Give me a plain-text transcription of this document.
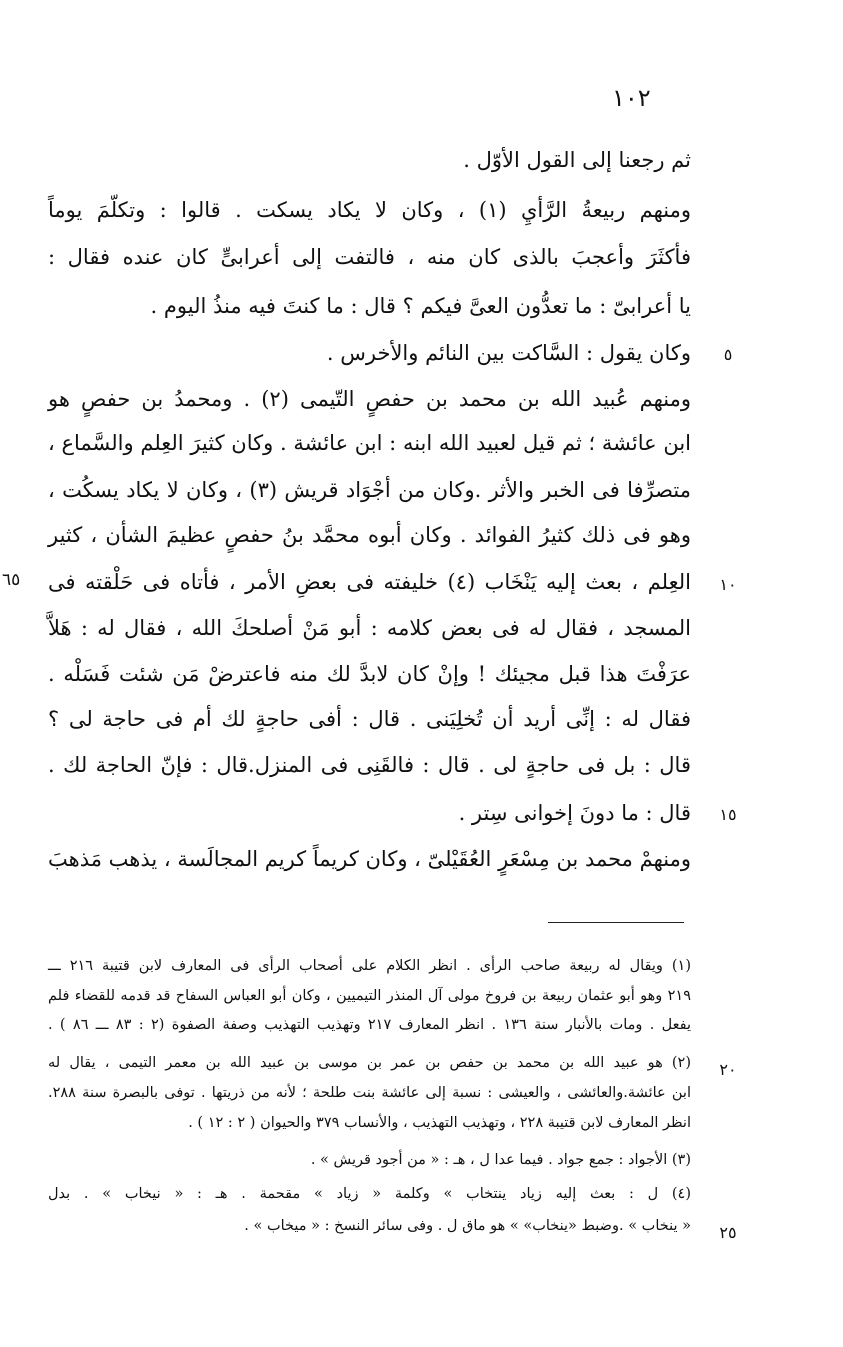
١٠٢
ثم رجعنا إلى القول الأوّل .
ومنهم ربيعةُ الرَّأيِ (١) ، وكان لا يكاد يسكت . قالوا : وتكلّمَ يوماً
فأكثَرَ وأعجبَ بالذى كان منه ، فالتفت إلى أعرابىٍّ كان عنده فقال :
يا أعرابىّ : ما تعدُّون العىَّ فيكم ؟ قال : ما كنتَ فيه منذُ اليوم .
وكان يقول : السَّاكت بين النائم والأخرس .
ومنهم عُبيد الله بن محمد بن حفصٍ التّيمى (٢) . ومحمدُ بن حفصٍ هو
ابن عائشة ؛ ثم قيل لعبيد الله ابنه : ابن عائشة . وكان كثيرَ العِلم والسَّماع ،
متصرِّفا فى الخبر والأثر .وكان من أجْوَاد قريش (٣) ، وكان لا يكاد يسكُت ،
وهو فى ذلك كثيرُ الفوائد . وكان أبوه محمَّد بنُ حفصٍ عظيمَ الشأن ، كثير
العِلم ، بعث إليه يَنْخَاب (٤) خليفته فى بعضِ الأمر ، فأتاه فى حَلْقته فى
المسجد ، فقال له فى بعض كلامه : أبو مَنْ أصلحكَ الله ، فقال له : هَلاَّ
عرَفْتَ هذا قبل مجيئك ! وإنْ كان لابدَّ لك منه فاعترضْ مَن شئت فَسَلْه .
فقال له : إنِّى أريد أن تُخلِيَنى . قال : أفى حاجةٍ لك أم فى حاجة لى ؟
قال : بل فى حاجةٍ لى . قال : فالقَنِى فى المنزل.قال : فإنّ الحاجة لك .
قال : ما دونَ إخوانى سِتر .
ومنهمْ محمد بن مِسْعَرٍ العُقَيْلىّ ، وكان كريماً كريم المجالَسة ، يذهب مَذهبَ
٥
١٠
١٥
٢٠
٢٥
٦٥
(١) ويقال له ربيعة صاحب الرأى . انظر الكلام على أصحاب الرأى فى المعارف لابن قتيبة ٢١٦ ـــ
٢١٩ وهو أبو عثمان ربيعة بن فروخ مولى آل المنذر التيميين ، وكان أبو العباس السفاح قد قدمه للقضاء فلم
يفعل . ومات بالأنبار سنة ١٣٦ . انظر المعارف ٢١٧ وتهذيب التهذيب وصفة الصفوة (٢ : ٨٣ ـــ ٨٦ ) .
(٢) هو عبيد الله بن محمد بن حفص بن عمر بن موسى بن عبيد الله بن معمر التيمى ، يقال له
ابن عائشة.والعائشى ، والعيشى : نسبة إلى عائشة بنت طلحة ؛ لأنه من ذريتها . توفى بالبصرة سنة ٢٨٨.
انظر المعارف لابن قتيبة ٢٢٨ ، وتهذيب التهذيب ، والأنساب ٣٧٩ والحيوان ( ٢ : ١٢ ) .
(٣) الأجواد : جمع جواد . فيما عدا ل ، هـ : « من أجود قريش » .
(٤) ل : بعث إليه زياد ينتخاب » وكلمة « زياد » مقحمة . هـ : « نيخاب » . بدل
« ينخاب » .وضبط «ينخاب» » هو ماق ل . وفى سائر النسخ : « ميخاب » .
